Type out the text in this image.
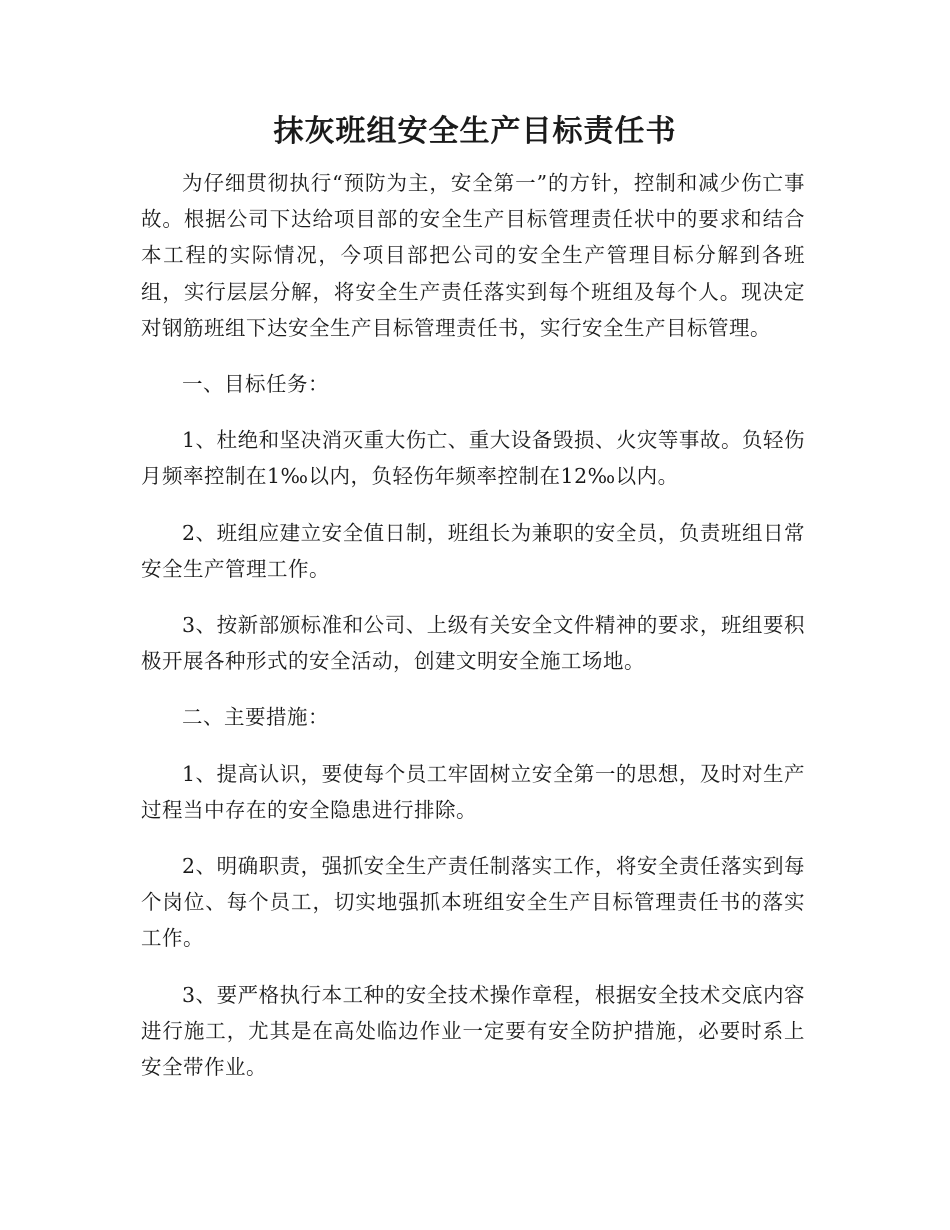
抹灰班组安全生产目标责任书

为仔细贯彻执行“预防为主，安全第一”的方针，控制和减少伤亡事故。根据公司下达给项目部的安全生产目标管理责任状中的要求和结合本工程的实际情况，今项目部把公司的安全生产管理目标分解到各班组，实行层层分解，将安全生产责任落实到每个班组及每个人。现决定对钢筋班组下达安全生产目标管理责任书，实行安全生产目标管理。

一、目标任务：

1、杜绝和坚决消灭重大伤亡、重大设备毁损、火灾等事故。负轻伤月频率控制在1‰以内，负轻伤年频率控制在12‰以内。

2、班组应建立安全值日制，班组长为兼职的安全员，负责班组日常安全生产管理工作。

3、按新部颁标准和公司、上级有关安全文件精神的要求，班组要积极开展各种形式的安全活动，创建文明安全施工场地。

二、主要措施：

1、提高认识，要使每个员工牢固树立安全第一的思想，及时对生产过程当中存在的安全隐患进行排除。

2、明确职责，强抓安全生产责任制落实工作，将安全责任落实到每个岗位、每个员工，切实地强抓本班组安全生产目标管理责任书的落实工作。

3、要严格执行本工种的安全技术操作章程，根据安全技术交底内容进行施工，尤其是在高处临边作业一定要有安全防护措施，必要时系上安全带作业。
